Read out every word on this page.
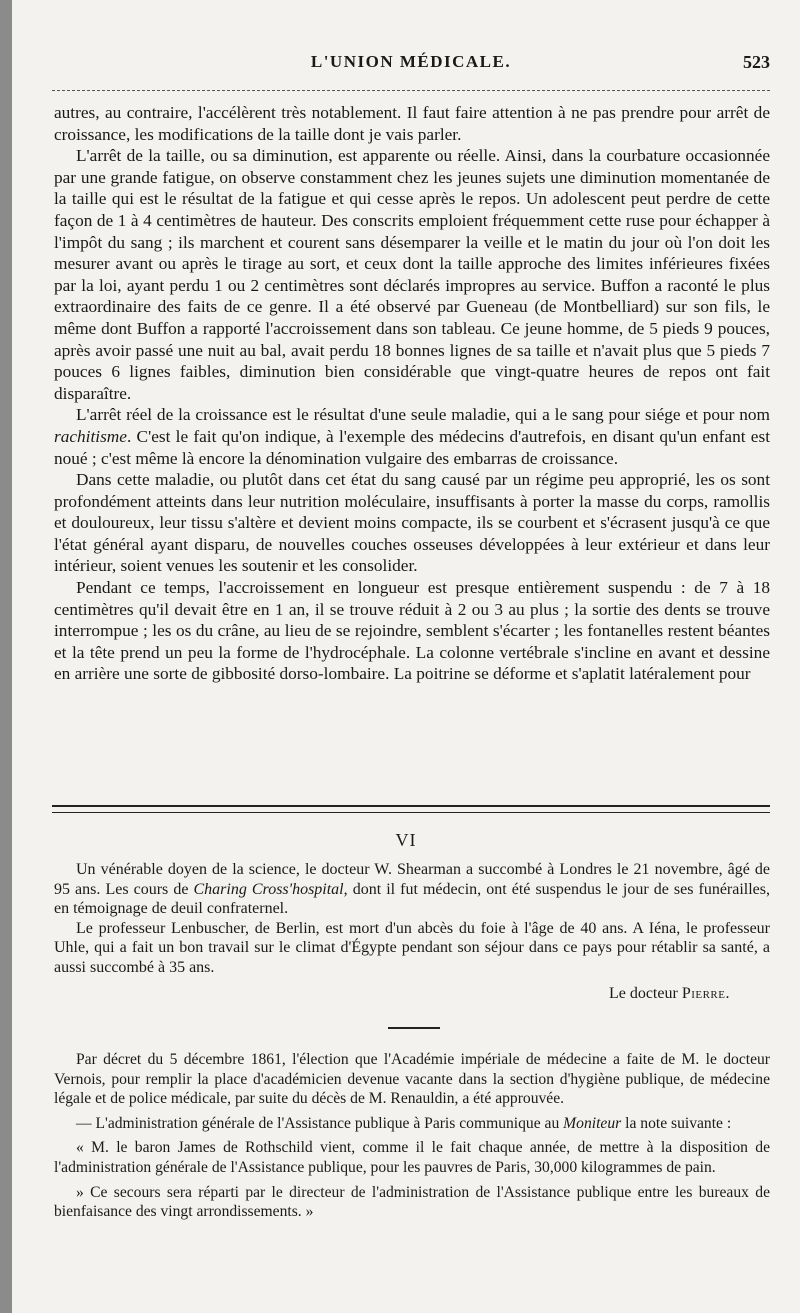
L'UNION MÉDICALE.	523

autres, au contraire, l'accélèrent très notablement. Il faut faire attention à ne pas prendre pour arrêt de croissance, les modifications de la taille dont je vais parler.

L'arrêt de la taille, ou sa diminution, est apparente ou réelle. Ainsi, dans la courbature occasionnée par une grande fatigue, on observe constamment chez les jeunes sujets une diminution momentanée de la taille qui est le résultat de la fatigue et qui cesse après le repos. Un adolescent peut perdre de cette façon de 1 à 4 centimètres de hauteur. Des conscrits emploient fréquemment cette ruse pour échapper à l'impôt du sang ; ils marchent et courent sans désemparer la veille et le matin du jour où l'on doit les mesurer avant ou après le tirage au sort, et ceux dont la taille approche des limites inférieures fixées par la loi, ayant perdu 1 ou 2 centimètres sont déclarés impropres au service. Buffon a raconté le plus extraordinaire des faits de ce genre. Il a été observé par Gueneau (de Montbelliard) sur son fils, le même dont Buffon a rapporté l'accroissement dans son tableau. Ce jeune homme, de 5 pieds 9 pouces, après avoir passé une nuit au bal, avait perdu 18 bonnes lignes de sa taille et n'avait plus que 5 pieds 7 pouces 6 lignes faibles, diminution bien considérable que vingt-quatre heures de repos ont fait disparaître.

L'arrêt réel de la croissance est le résultat d'une seule maladie, qui a le sang pour siége et pour nom rachitisme. C'est le fait qu'on indique, à l'exemple des médecins d'autrefois, en disant qu'un enfant est noué ; c'est même là encore la dénomination vulgaire des embarras de croissance.

Dans cette maladie, ou plutôt dans cet état du sang causé par un régime peu approprié, les os sont profondément atteints dans leur nutrition moléculaire, insuffisants à porter la masse du corps, ramollis et douloureux, leur tissu s'altère et devient moins compacte, ils se courbent et s'écrasent jusqu'à ce que l'état général ayant disparu, de nouvelles couches osseuses développées à leur extérieur et dans leur intérieur, soient venues les soutenir et les consolider.

Pendant ce temps, l'accroissement en longueur est presque entièrement suspendu : de 7 à 18 centimètres qu'il devait être en 1 an, il se trouve réduit à 2 ou 3 au plus ; la sortie des dents se trouve interrompue ; les os du crâne, au lieu de se rejoindre, semblent s'écarter ; les fontanelles restent béantes et la tête prend un peu la forme de l'hydrocéphale. La colonne vertébrale s'incline en avant et dessine en arrière une sorte de gibbosité dorso-lombaire. La poitrine se déforme et s'aplatit latéralement pour

VI

Un vénérable doyen de la science, le docteur W. Shearman a succombé à Londres le 21 novembre, âgé de 95 ans. Les cours de Charing Cross'hospital, dont il fut médecin, ont été suspendus le jour de ses funérailles, en témoignage de deuil confraternel.

Le professeur Lenbuscher, de Berlin, est mort d'un abcès du foie à l'âge de 40 ans. A Iéna, le professeur Uhle, qui a fait un bon travail sur le climat d'Égypte pendant son séjour dans ce pays pour rétablir sa santé, a aussi succombé à 35 ans.

Le docteur Pierre.

Par décret du 5 décembre 1861, l'élection que l'Académie impériale de médecine a faite de M. le docteur Vernois, pour remplir la place d'académicien devenue vacante dans la section d'hygiène publique, de médecine légale et de police médicale, par suite du décès de M. Renauldin, a été approuvée.

— L'administration générale de l'Assistance publique à Paris communique au Moniteur la note suivante :

« M. le baron James de Rothschild vient, comme il le fait chaque année, de mettre à la disposition de l'administration générale de l'Assistance publique, pour les pauvres de Paris, 30,000 kilogrammes de pain.

» Ce secours sera réparti par le directeur de l'administration de l'Assistance publique entre les bureaux de bienfaisance des vingt arrondissements. »
